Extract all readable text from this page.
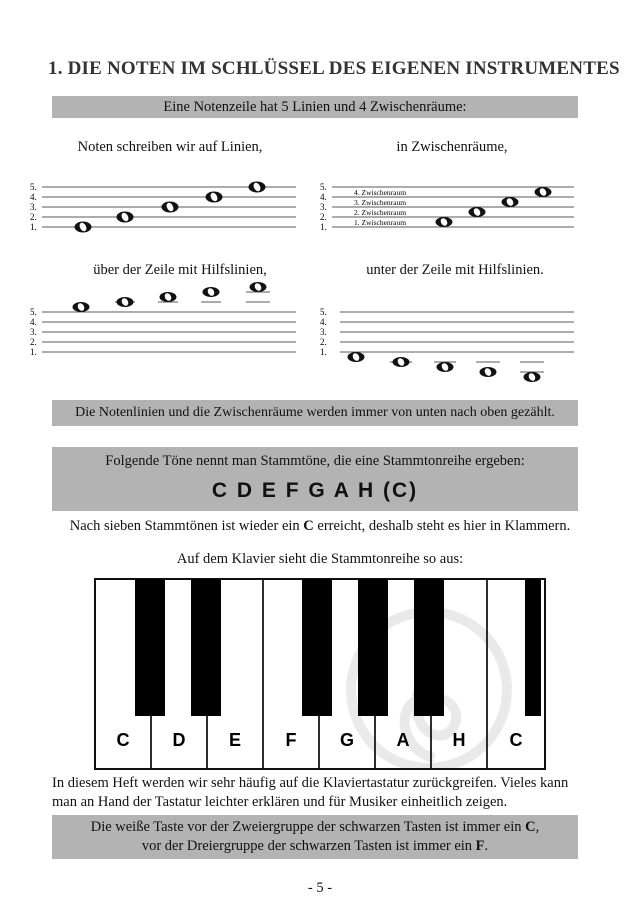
1. DIE NOTEN IM SCHLÜSSEL DES EIGENEN INSTRUMENTES
Eine Notenzeile hat 5 Linien und 4 Zwischenräume:
Noten schreiben wir auf Linien,	in Zwischenräume,
5.
4.
3.
2.
1.
5.
4.
3.
2.
1.
4. Zwischenraum
3. Zwischenraum
2. Zwischenraum
1. Zwischenraum
über der Zeile mit Hilfslinien,	unter der Zeile mit Hilfslinien.
5.
4.
3.
2.
1.
5.
4.
3.
2.
1.
Die Notenlinien und die Zwischenräume werden immer von unten nach oben gezählt.
Folgende Töne nennt man Stammtöne, die eine Stammtonreihe ergeben:
C D E F G A H (C)
Nach sieben Stammtönen ist wieder ein C erreicht, deshalb steht es hier in Klammern.
Auf dem Klavier sieht die Stammtonreihe so aus:
C D E F G A H C
In diesem Heft werden wir sehr häufig auf die Klaviertastatur zurückgreifen. Vieles kann man an Hand der Tastatur leichter erklären und für Musiker einheitlich zeigen.
Die weiße Taste vor der Zweiergruppe der schwarzen Tasten ist immer ein C,
vor der Dreiergruppe der schwarzen Tasten ist immer ein F.
- 5 -
